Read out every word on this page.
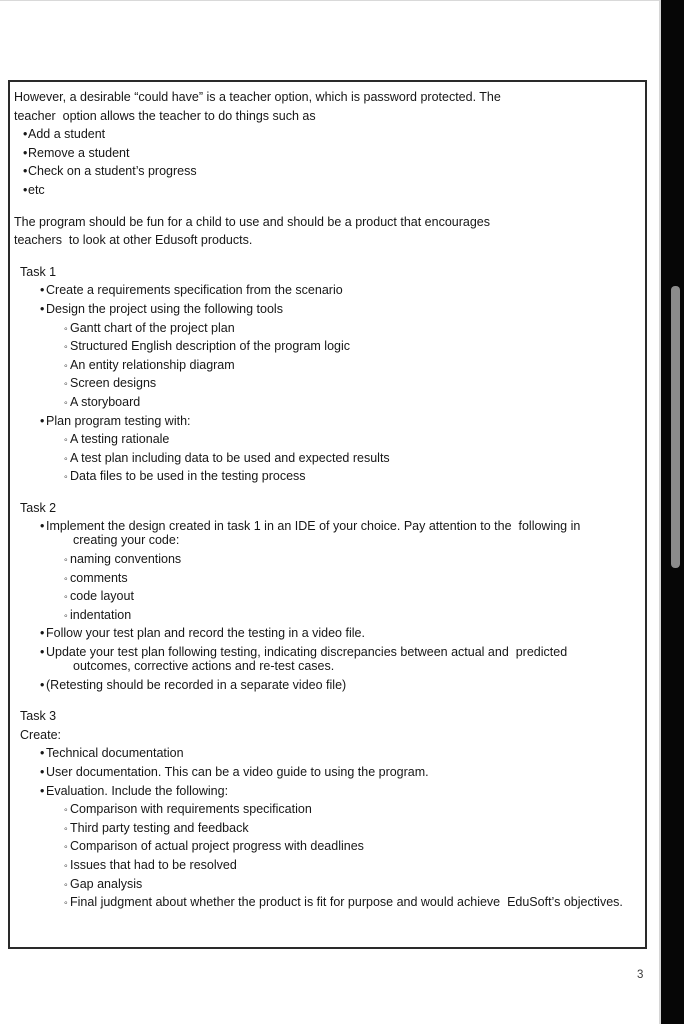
However, a desirable “could have” is a teacher option, which is password protected. The
teacher  option allows the teacher to do things such as
• Add a student
• Remove a student
• Check on a student’s progress
• etc
The program should be fun for a child to use and should be a product that encourages
teachers  to look at other Edusoft products.
Task 1
• Create a requirements specification from the scenario
• Design the project using the following tools
◦ Gantt chart of the project plan
◦ Structured English description of the program logic
◦ An entity relationship diagram
◦ Screen designs
◦ A storyboard
• Plan program testing with:
◦ A testing rationale
◦ A test plan including data to be used and expected results
◦ Data files to be used in the testing process
Task 2
• Implement the design created in task 1 in an IDE of your choice. Pay attention to the  following in
creating your code:
◦ naming conventions
◦ comments
◦ code layout
◦ indentation
• Follow your test plan and record the testing in a video file.
• Update your test plan following testing, indicating discrepancies between actual and  predicted
outcomes, corrective actions and re-test cases.
• (Retesting should be recorded in a separate video file)
Task 3
Create:
• Technical documentation
• User documentation. This can be a video guide to using the program.
• Evaluation. Include the following:
◦ Comparison with requirements specification
◦ Third party testing and feedback
◦ Comparison of actual project progress with deadlines
◦ Issues that had to be resolved
◦ Gap analysis
◦ Final judgment about whether the product is fit for purpose and would achieve  EduSoft’s objectives.
3
